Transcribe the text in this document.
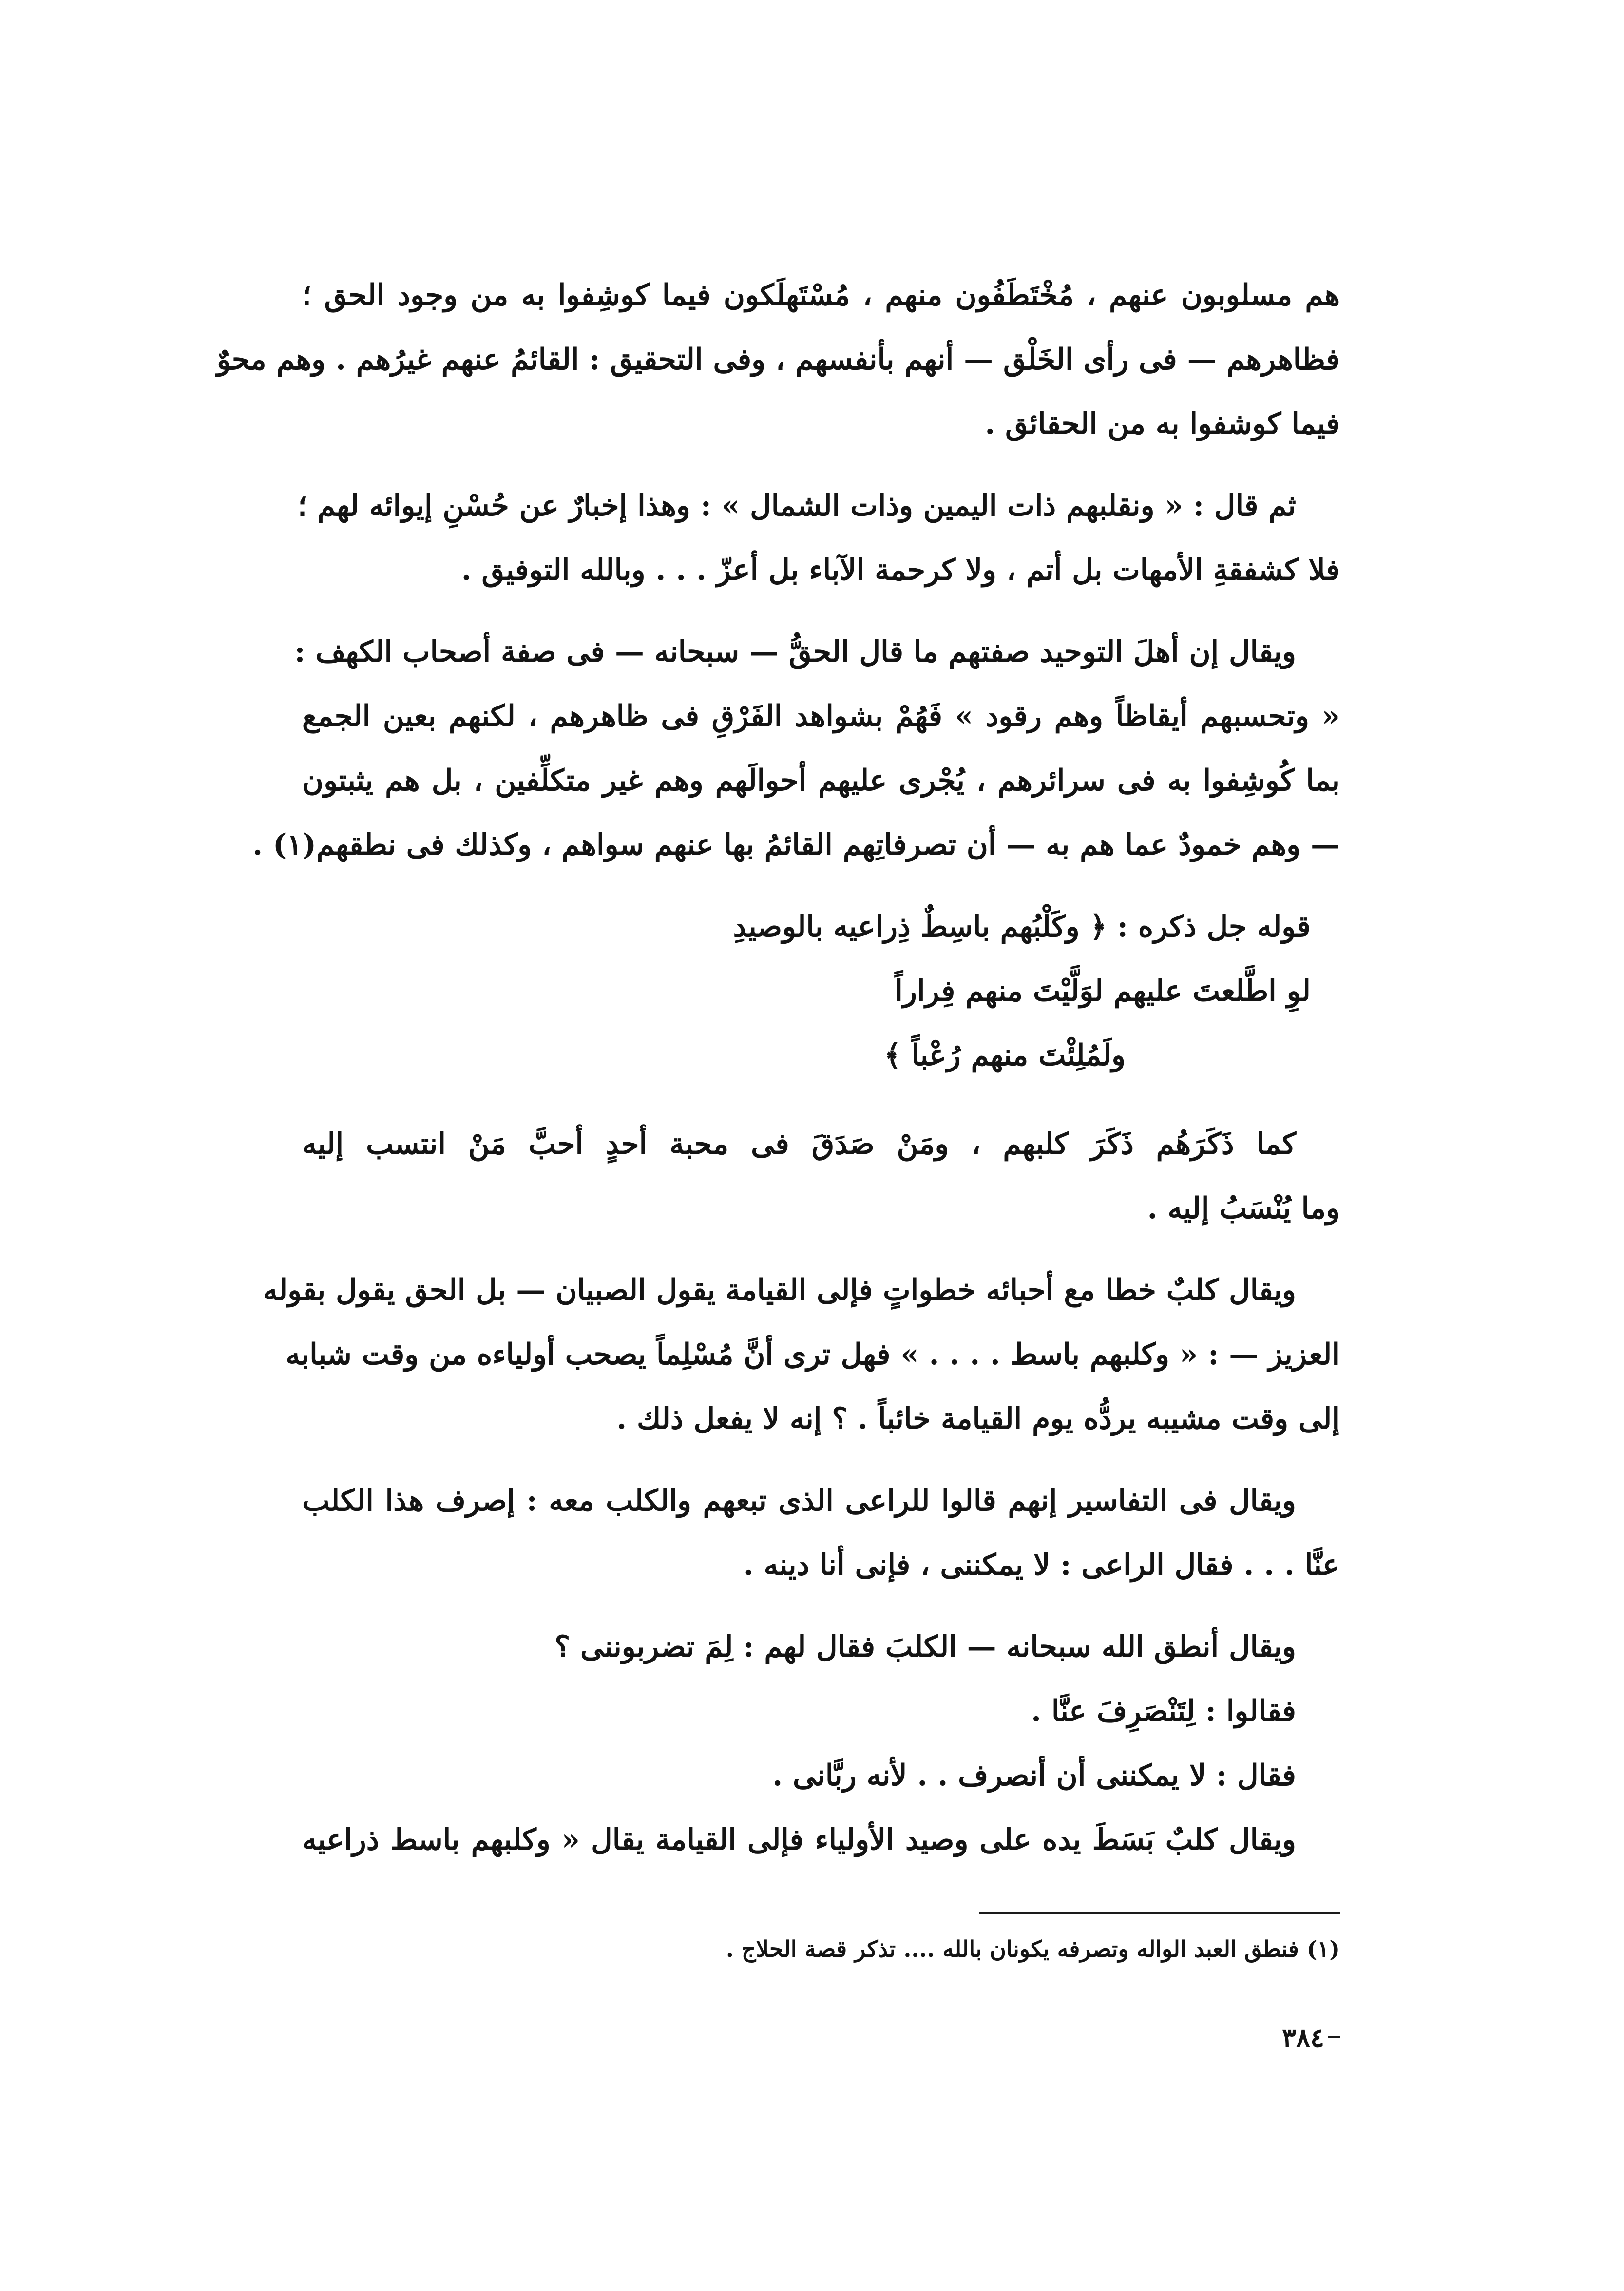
هم مسلوبون عنهم ، مُخْتَطَفُون منهم ، مُسْتَهلَكون فيما كوشِفوا به من وجود الحق ؛
فظاهرهم — فى رأى الخَلْق — أنهم بأنفسهم ، وفى التحقيق : القائمُ عنهم غيرُهم . وهم محوٌ
فيما كوشفوا به من الحقائق .
ثم قال : « ونقلبهم ذات اليمين وذات الشمال » : وهذا إخبارٌ عن حُسْنِ إيوائه لهم ؛
فلا كشفقةِ الأمهات بل أتم ، ولا كرحمة الآباء بل أعزّ . . . وبالله التوفيق .
ويقال إن أهلَ التوحيد صفتهم ما قال الحقُّ — سبحانه — فى صفة أصحاب الكهف :
« وتحسبهم أيقاظاً وهم رقود » فَهُمْ بشواهد الفَرْقِ فى ظاهرهم ، لكنهم بعين الجمع
بما كُوشِفوا به فى سرائرهم ، يُجْرى عليهم أحوالَهم وهم غير متكلِّفين ، بل هم يثبتون
— وهم خمودٌ عما هم به — أن تصرفاتِهم القائمُ بها عنهم سواهم ، وكذلك فى نطقهم(١) .
قوله جل ذكره : ﴿ وكَلْبُهم باسِطٌ ذِراعيه بالوصيدِ
لوِ اطَّلعتَ عليهم لوَلَّيْتَ منهم فِراراً
ولَمُلِئْتَ منهم رُعْباً ﴾
كما ذَكَرَهُم ذَكَرَ كلبهم ، ومَنْ صَدَقَ فى محبة أحدٍ أحبَّ مَنْ انتسب إليه
وما يُنْسَبُ إليه .
ويقال كلبٌ خطا مع أحبائه خطواتٍ فإلى القيامة يقول الصبيان — بل الحق يقول بقوله
العزيز — : « وكلبهم باسط . . . . » فهل ترى أنَّ مُسْلِماً يصحب أولياءه من وقت شبابه
إلى وقت مشيبه يردُّه يوم القيامة خائباً . ؟ إنه لا يفعل ذلك .
ويقال فى التفاسير إنهم قالوا للراعى الذى تبعهم والكلب معه : إصرف هذا الكلب
عنَّا . . . فقال الراعى : لا يمكننى ، فإنى أنا دينه .
ويقال أنطق الله سبحانه — الكلبَ فقال لهم : لِمَ تضربوننى ؟
فقالوا : لِتَنْصَرِفَ عنَّا .
فقال : لا يمكننى أن أنصرف . . لأنه ربَّانى .
ويقال كلبٌ بَسَطَ يده على وصيد الأولياء فإلى القيامة يقال « وكلبهم باسط ذراعيه
(١) فنطق العبد الواله وتصرفه يكونان بالله .... تذكر قصة الحلاج .
٣٨٤
